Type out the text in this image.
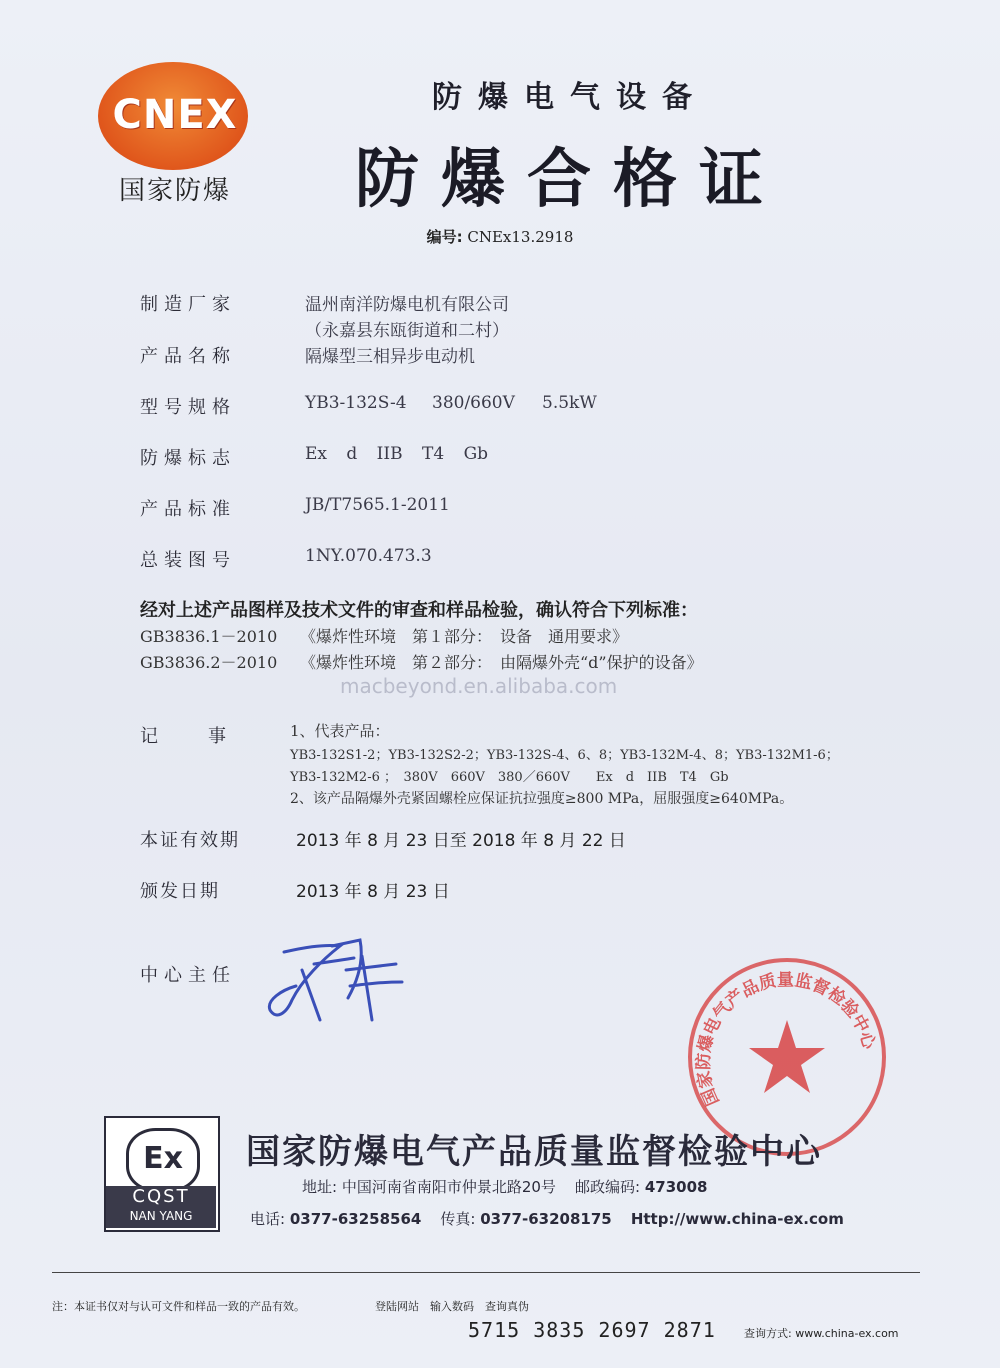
CNEX
国家防爆
防爆电气设备
防爆合格证
编号: CNEx13.2918
制造厂家	温州南洋防爆电机有限公司
（永嘉县东瓯街道和二村）
产品名称	隔爆型三相异步电动机
型号规格	YB3-132S-4 380/660V 5.5kW
防爆标志	Ex d IIB T4 Gb
产品标准	JB/T7565.1-2011
总装图号	1NY.070.473.3
经对上述产品图样及技术文件的审查和样品检验，确认符合下列标准：
GB3836.1－2010 《爆炸性环境　第１部分：　设备　通用要求》
GB3836.2－2010 《爆炸性环境　第２部分：　由隔爆外壳“d”保护的设备》
macbeyond.en.alibaba.com
记　事	1、代表产品：
YB3-132S1-2；YB3-132S2-2；YB3-132S-4、6、8；YB3-132M-4、8；YB3-132M1-6；
YB3-132M2-6 ；　380V　660V　380／660V　　Ex　d　IIB　T4　Gb
2、该产品隔爆外壳紧固螺栓应保证抗拉强度≥800 MPa，屈服强度≥640MPa。
本证有效期	2013 年 8 月 23 日至 2018 年 8 月 22 日
颁发日期	2013 年 8 月 23 日
中心主任
国家防爆电气产品质量监督检验中心
Ex
CQST
NAN YANG
国家防爆电气产品质量监督检验中心
地址: 中国河南省南阳市仲景北路20号 邮政编码: 473008
电话: 0377-63258564 传真: 0377-63208175 Http://www.china-ex.com
注：本证书仅对与认可文件和样品一致的产品有效。	登陆网站　输入数码　查询真伪
5715 3835 2697 2871	查询方式: www.china-ex.com
